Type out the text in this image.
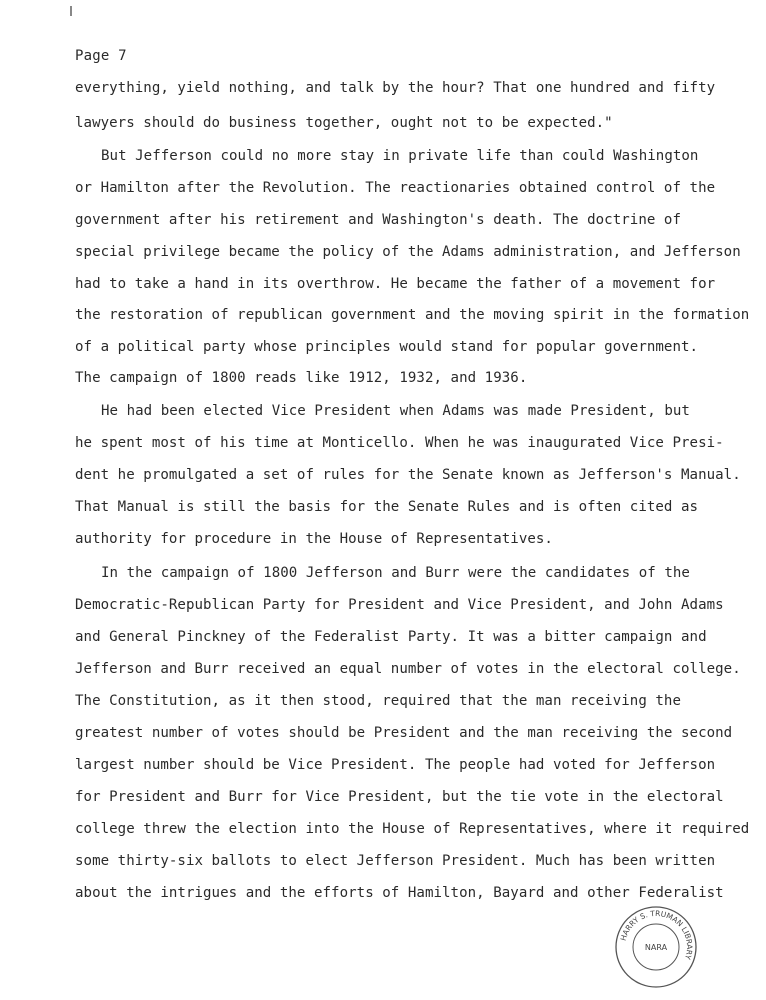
Page 7
everything, yield nothing, and talk by the hour? That one hundred and fifty
lawyers should do business together, ought not to be expected."
But Jefferson could no more stay in private life than could Washington
or Hamilton after the Revolution. The reactionaries obtained control of the
government after his retirement and Washington's death. The doctrine of
special privilege became the policy of the Adams administration, and Jefferson
had to take a hand in its overthrow. He became the father of a movement for
the restoration of republican government and the moving spirit in the formation
of a political party whose principles would stand for popular government.
The campaign of 1800 reads like 1912, 1932, and 1936.
He had been elected Vice President when Adams was made President, but
he spent most of his time at Monticello. When he was inaugurated Vice Presi-
dent he promulgated a set of rules for the Senate known as Jefferson's Manual.
That Manual is still the basis for the Senate Rules and is often cited as
authority for procedure in the House of Representatives.
In the campaign of 1800 Jefferson and Burr were the candidates of the
Democratic-Republican Party for President and Vice President, and John Adams
and General Pinckney of the Federalist Party. It was a bitter campaign and
Jefferson and Burr received an equal number of votes in the electoral college.
The Constitution, as it then stood, required that the man receiving the
greatest number of votes should be President and the man receiving the second
largest number should be Vice President. The people had voted for Jefferson
for President and Burr for Vice President, but the tie vote in the electoral
college threw the election into the House of Representatives, where it required
some thirty-six ballots to elect Jefferson President. Much has been written
about the intrigues and the efforts of Hamilton, Bayard and other Federalist
HARRY S. TRUMAN LIBRARY
NARA
